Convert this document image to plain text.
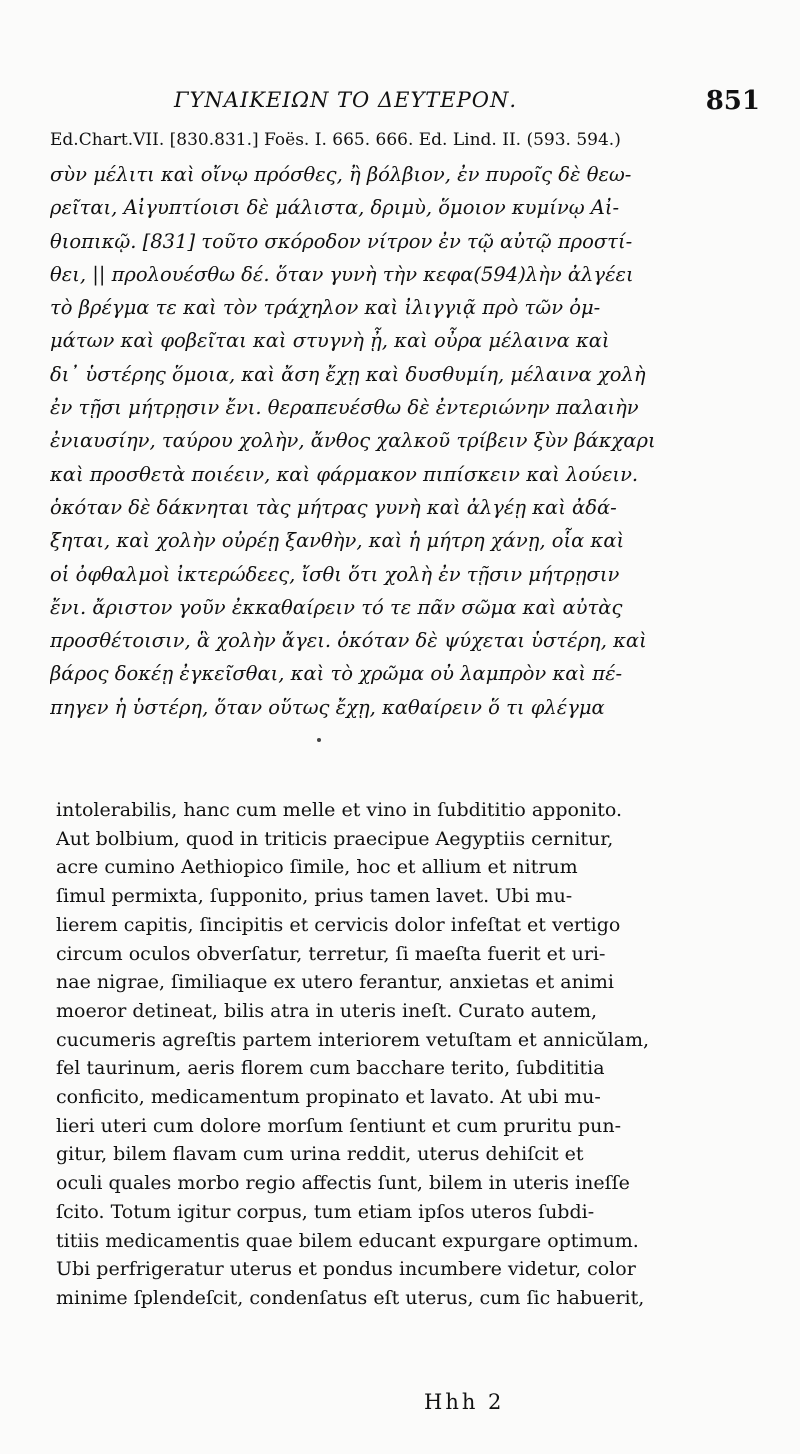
ΓΥΝΑΙΚΕΙΩΝ ΤΟ ΔΕΥΤΕΡΟΝ.	851
Ed.Chart.VII. [830.831.] Foës. I. 665. 666. Ed. Lind. II. (593. 594.)
σὺν μέλιτι καὶ οἴνῳ πρόσθες, ἢ βόλβιον, ἐν πυροῖς δὲ θεω-
ρεῖται, Αἰγυπτίοισι δὲ μάλιστα, δριμὺ, ὅμοιον κυμίνῳ Αἰ-
θιοπικῷ. [831] τοῦτο σκόροδον νίτρον ἐν τῷ αὐτῷ προστί-
θει, || προλουέσθω δέ. ὅταν γυνὴ τὴν κεφα(594)λὴν ἀλγέει
τὸ βρέγμα τε καὶ τὸν τράχηλον καὶ ἰλιγγιᾷ πρὸ τῶν ὀμ-
μάτων καὶ φοβεῖται καὶ στυγνὴ ᾖ, καὶ οὖρα μέλαινα καὶ
δι᾽ ὑστέρης ὅμοια, καὶ ἄση ἔχῃ καὶ δυσθυμίη, μέλαινα χολὴ
ἐν τῇσι μήτρῃσιν ἔνι. θεραπευέσθω δὲ ἐντεριώνην παλαιὴν
ἐνιαυσίην, ταύρου χολὴν, ἄνθος χαλκοῦ τρίβειν ξὺν βάκχαρι
καὶ προσθετὰ ποιέειν, καὶ φάρμακον πιπίσκειν καὶ λούειν.
ὁκόταν δὲ δάκνηται τὰς μήτρας γυνὴ καὶ ἀλγέῃ καὶ ἀδά-
ξηται, καὶ χολὴν οὐρέῃ ξανθὴν, καὶ ἡ μήτρη χάνῃ, οἷα καὶ
οἱ ὀφθαλμοὶ ἰκτερώδεες, ἴσθι ὅτι χολὴ ἐν τῇσιν μήτρῃσιν
ἔνι. ἄριστον γοῦν ἐκκαθαίρειν τό τε πᾶν σῶμα καὶ αὐτὰς
προσθέτοισιν, ἃ χολὴν ἄγει. ὁκόταν δὲ ψύχεται ὑστέρη, καὶ
βάρος δοκέῃ ἐγκεῖσθαι, καὶ τὸ χρῶμα οὐ λαμπρὸν καὶ πέ-
πηγεν ἡ ὑστέρη, ὅταν οὕτως ἔχῃ, καθαίρειν ὅ τι φλέγμα
intolerabilis, hanc cum melle et vino in ſubdititio apponito.
Aut bolbium, quod in triticis praecipue Aegyptiis cernitur,
acre cumino Aethiopico ſimile, hoc et allium et nitrum
ſimul permixta, ſupponito, prius tamen lavet. Ubi mu-
lierem capitis, ſincipitis et cervicis dolor infeſtat et vertigo
circum oculos obverſatur, terretur, ſi maeſta fuerit et uri-
nae nigrae, ſimiliaque ex utero ferantur, anxietas et animi
moeror detineat, bilis atra in uteris ineſt. Curato autem,
cucumeris agreſtis partem interiorem vetuſtam et annicŭlam,
fel taurinum, aeris florem cum bacchare terito, ſubdititia
conficito, medicamentum propinato et lavato. At ubi mu-
lieri uteri cum dolore morſum ſentiunt et cum pruritu pun-
gitur, bilem flavam cum urina reddit, uterus dehiſcit et
oculi quales morbo regio affectis ſunt, bilem in uteris ineſſe
ſcito. Totum igitur corpus, tum etiam ipſos uteros ſubdi-
titiis medicamentis quae bilem educant expurgare optimum.
Ubi perfrigeratur uterus et pondus incumbere videtur, color
minime ſplendeſcit, condenſatus eſt uterus, cum ſic habuerit,
Hhh 2
